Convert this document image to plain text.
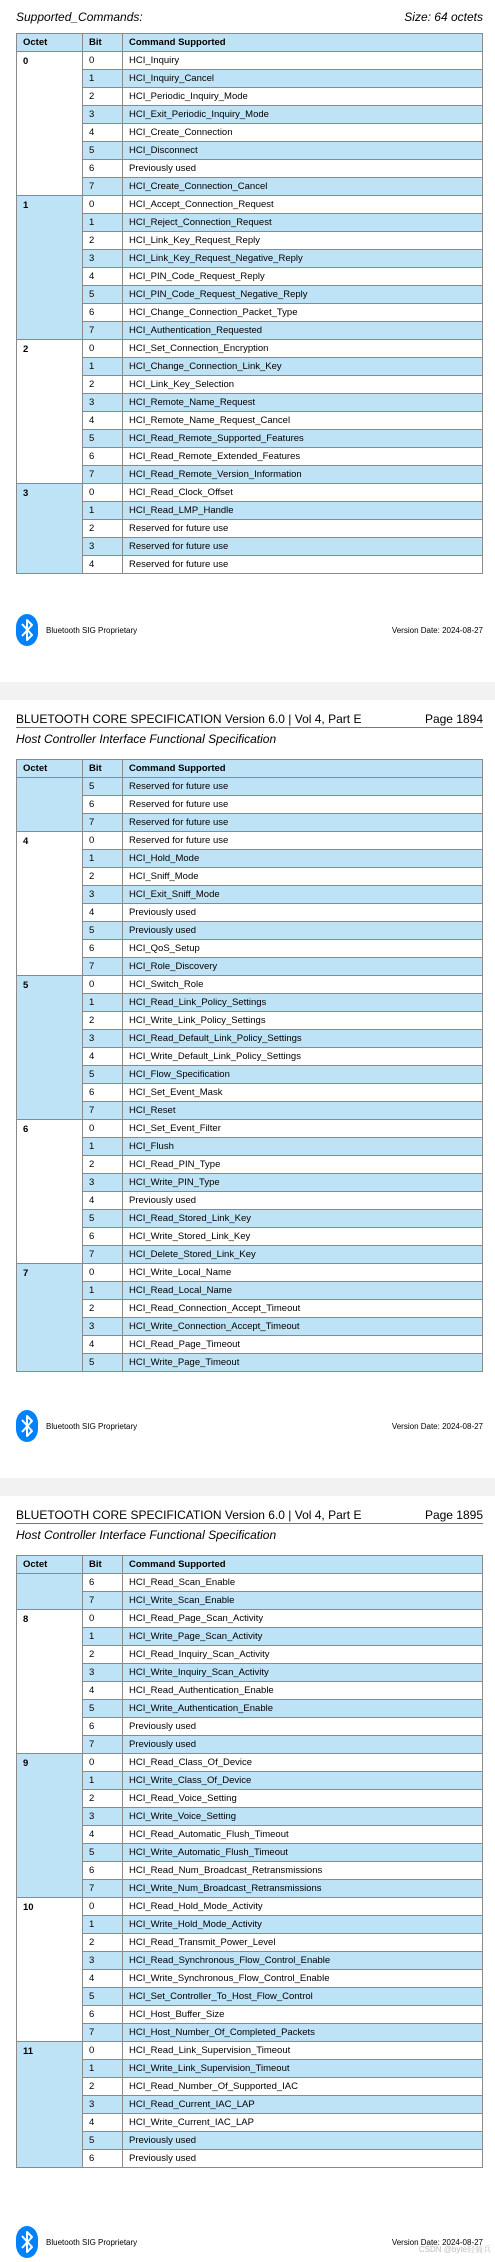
Supported_Commands:	Size: 64 octets
Octet	Bit	Command Supported
0	0	HCI_Inquiry
	1	HCI_Inquiry_Cancel
	2	HCI_Periodic_Inquiry_Mode
	3	HCI_Exit_Periodic_Inquiry_Mode
	4	HCI_Create_Connection
	5	HCI_Disconnect
	6	Previously used
	7	HCI_Create_Connection_Cancel
1	0	HCI_Accept_Connection_Request
	1	HCI_Reject_Connection_Request
	2	HCI_Link_Key_Request_Reply
	3	HCI_Link_Key_Request_Negative_Reply
	4	HCI_PIN_Code_Request_Reply
	5	HCI_PIN_Code_Request_Negative_Reply
	6	HCI_Change_Connection_Packet_Type
	7	HCI_Authentication_Requested
2	0	HCI_Set_Connection_Encryption
	1	HCI_Change_Connection_Link_Key
	2	HCI_Link_Key_Selection
	3	HCI_Remote_Name_Request
	4	HCI_Remote_Name_Request_Cancel
	5	HCI_Read_Remote_Supported_Features
	6	HCI_Read_Remote_Extended_Features
	7	HCI_Read_Remote_Version_Information
3	0	HCI_Read_Clock_Offset
	1	HCI_Read_LMP_Handle
	2	Reserved for future use
	3	Reserved for future use
	4	Reserved for future use
Bluetooth SIG Proprietary	Version Date: 2024-08-27
BLUETOOTH CORE SPECIFICATION Version 6.0 | Vol 4, Part E	Page 1894
Host Controller Interface Functional Specification
Octet	Bit	Command Supported
	5	Reserved for future use
	6	Reserved for future use
	7	Reserved for future use
4	0	Reserved for future use
	1	HCI_Hold_Mode
	2	HCI_Sniff_Mode
	3	HCI_Exit_Sniff_Mode
	4	Previously used
	5	Previously used
	6	HCI_QoS_Setup
	7	HCI_Role_Discovery
5	0	HCI_Switch_Role
	1	HCI_Read_Link_Policy_Settings
	2	HCI_Write_Link_Policy_Settings
	3	HCI_Read_Default_Link_Policy_Settings
	4	HCI_Write_Default_Link_Policy_Settings
	5	HCI_Flow_Specification
	6	HCI_Set_Event_Mask
	7	HCI_Reset
6	0	HCI_Set_Event_Filter
	1	HCI_Flush
	2	HCI_Read_PIN_Type
	3	HCI_Write_PIN_Type
	4	Previously used
	5	HCI_Read_Stored_Link_Key
	6	HCI_Write_Stored_Link_Key
	7	HCI_Delete_Stored_Link_Key
7	0	HCI_Write_Local_Name
	1	HCI_Read_Local_Name
	2	HCI_Read_Connection_Accept_Timeout
	3	HCI_Write_Connection_Accept_Timeout
	4	HCI_Read_Page_Timeout
	5	HCI_Write_Page_Timeout
Bluetooth SIG Proprietary	Version Date: 2024-08-27
BLUETOOTH CORE SPECIFICATION Version 6.0 | Vol 4, Part E	Page 1895
Host Controller Interface Functional Specification
Octet	Bit	Command Supported
	6	HCI_Read_Scan_Enable
	7	HCI_Write_Scan_Enable
8	0	HCI_Read_Page_Scan_Activity
	1	HCI_Write_Page_Scan_Activity
	2	HCI_Read_Inquiry_Scan_Activity
	3	HCI_Write_Inquiry_Scan_Activity
	4	HCI_Read_Authentication_Enable
	5	HCI_Write_Authentication_Enable
	6	Previously used
	7	Previously used
9	0	HCI_Read_Class_Of_Device
	1	HCI_Write_Class_Of_Device
	2	HCI_Read_Voice_Setting
	3	HCI_Write_Voice_Setting
	4	HCI_Read_Automatic_Flush_Timeout
	5	HCI_Write_Automatic_Flush_Timeout
	6	HCI_Read_Num_Broadcast_Retransmissions
	7	HCI_Write_Num_Broadcast_Retransmissions
10	0	HCI_Read_Hold_Mode_Activity
	1	HCI_Write_Hold_Mode_Activity
	2	HCI_Read_Transmit_Power_Level
	3	HCI_Read_Synchronous_Flow_Control_Enable
	4	HCI_Write_Synchronous_Flow_Control_Enable
	5	HCI_Set_Controller_To_Host_Flow_Control
	6	HCI_Host_Buffer_Size
	7	HCI_Host_Number_Of_Completed_Packets
11	0	HCI_Read_Link_Supervision_Timeout
	1	HCI_Write_Link_Supervision_Timeout
	2	HCI_Read_Number_Of_Supported_IAC
	3	HCI_Read_Current_IAC_LAP
	4	HCI_Write_Current_IAC_LAP
	5	Previously used
	6	Previously used
Bluetooth SIG Proprietary	Version Date: 2024-08-27
CSDN @byte轻骑兵
